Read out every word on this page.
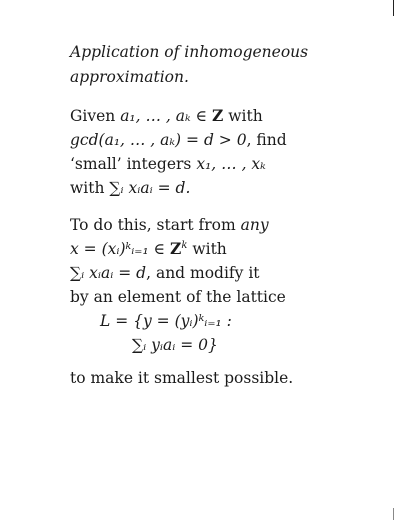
Application of inhomogeneous
approximation.
Given a₁, … , aₖ ∈ Z with
gcd(a₁, … , aₖ) = d > 0, find
‘small’ integers x₁, … , xₖ
with ∑ᵢ xᵢaᵢ = d.
To do this, start from any
x = (xᵢ)ᵏᵢ₌₁ ∈ $Z^k$ with
∑ᵢ xᵢaᵢ = d, and modify it
by an element of the lattice
L = {y = (yᵢ)ᵏᵢ₌₁ :
∑ᵢ yᵢaᵢ = 0}
to make it smallest possible.
